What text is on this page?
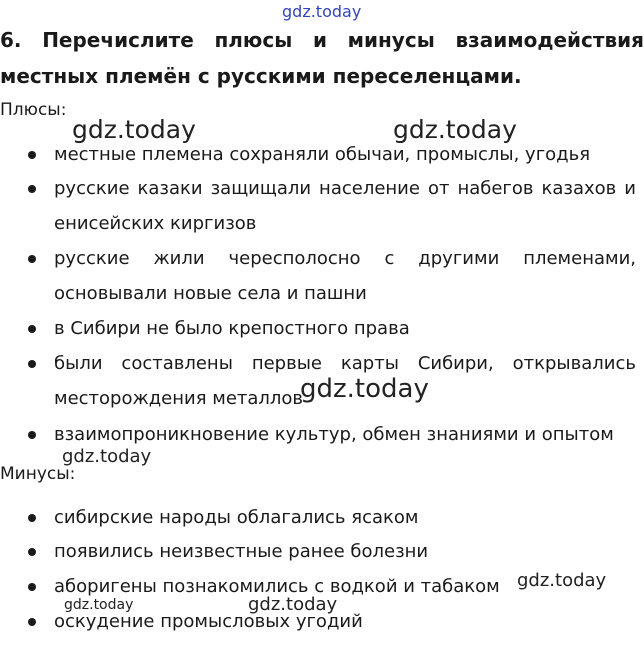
gdz.today

6. Перечислите плюсы и минусы взаимодействия местных племён с русскими переселенцами.

Плюсы:
gdz.today	gdz.today
местные племена сохраняли обычаи, промыслы, угодья
русские казаки защищали население от набегов казахов и енисейских киргизов
русские жили чересполосно с другими племенами, основывали новые села и пашни
в Сибири не было крепостного права
были составлены первые карты Сибири, открывались месторождения металлов
взаимопроникновение культур, обмен знаниями и опытом
gdz.today
gdz.today
Минусы:
сибирские народы облагались ясаком
появились неизвестные ранее болезни
аборигены познакомились с водкой и табаком
оскудение промысловых угодий
gdz.today
gdz.today	gdz.today
